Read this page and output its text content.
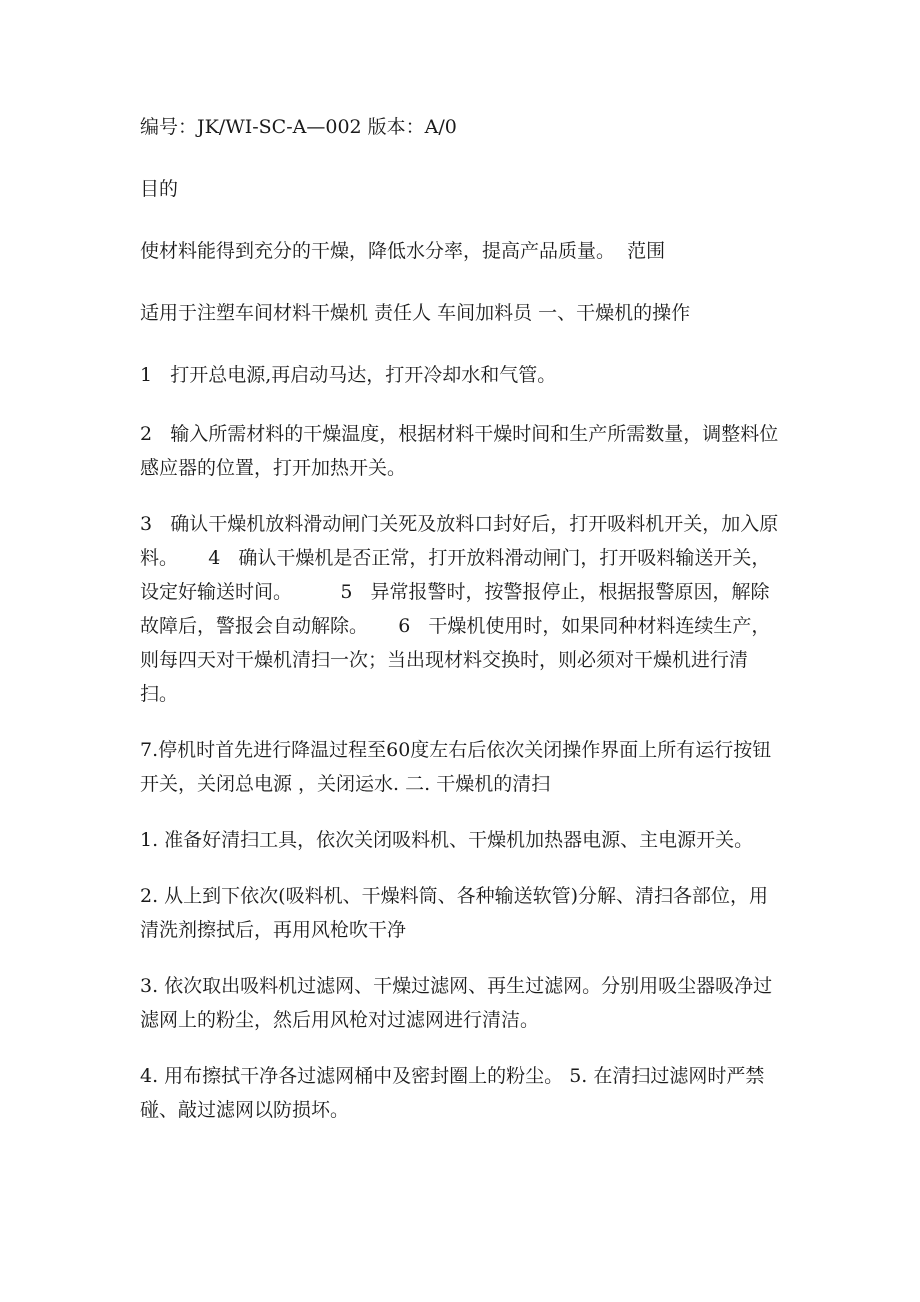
编号：JK/WI-SC-A—002 版本：A/0

目的

使材料能得到充分的干燥，降低水分率，提高产品质量。  范围

适用于注塑车间材料干燥机 责任人 车间加料员 一、干燥机的操作

1   打开总电源,再启动马达，打开冷却水和气管。

2   输入所需材料的干燥温度，根据材料干燥时间和生产所需数量，调整料位感应器的位置，打开加热开关。

3   确认干燥机放料滑动闸门关死及放料口封好后，打开吸料机开关，加入原料。     4   确认干燥机是否正常，打开放料滑动闸门，打开吸料输送开关，  设定好输送时间。        5   异常报警时，按警报停止，根据报警原因，解除故障后，警报会自动解除。     6   干燥机使用时，如果同种材料连续生产，则每四天对干燥机清扫一次；当出现材料交换时，则必须对干燥机进行清扫。

7.停机时首先进行降温过程至60度左右后依次关闭操作界面上所有运行按钮开关，关闭总电源 ，关闭运水. 二. 干燥机的清扫

1. 准备好清扫工具，依次关闭吸料机、干燥机加热器电源、主电源开关。

2. 从上到下依次(吸料机、干燥料筒、各种输送软管)分解、清扫各部位，用清洗剂擦拭后，再用风枪吹干净

3. 依次取出吸料机过滤网、干燥过滤网、再生过滤网。分别用吸尘器吸净过 滤网上的粉尘，然后用风枪对过滤网进行清洁。

4. 用布擦拭干净各过滤网桶中及密封圈上的粉尘。 5. 在清扫过滤网时严禁碰、敲过滤网以防损坏。
